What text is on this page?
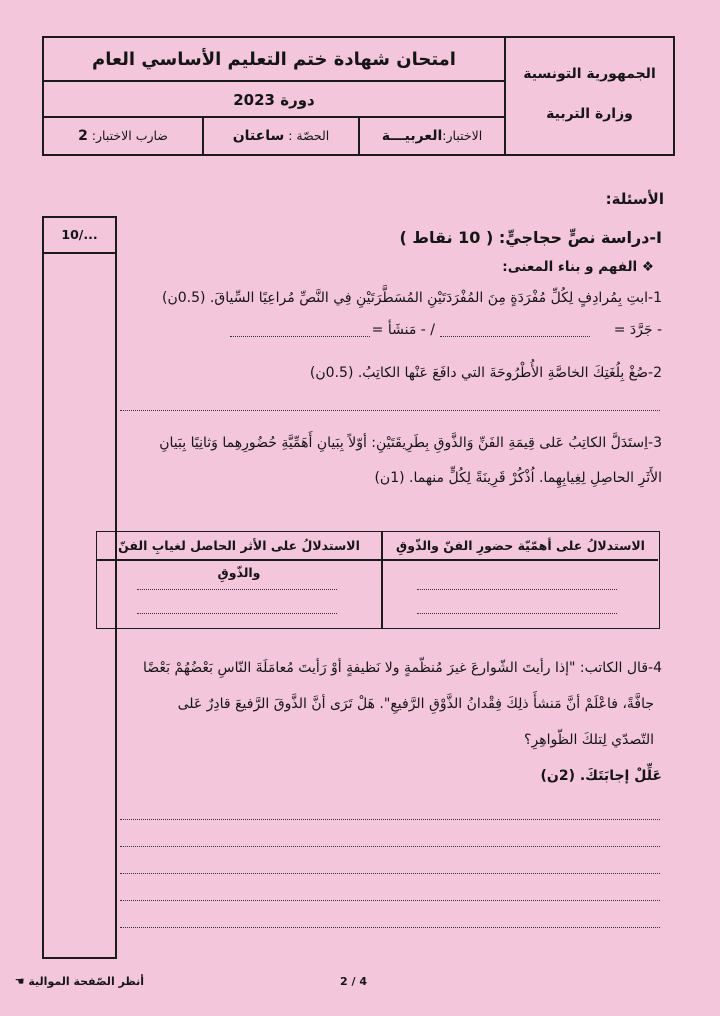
امتحان شهادة ختم التعليم الأساسي العام
دورة 2023
الاختبار:العربيـــة
الحصّة : ساعتان
ضارب الاختبار: 2
الجمهورية التونسية
وزارة التربية
10/...
الأسئلة:
I-دراسة نصٍّ حجاجيٍّ: ( 10 نقاط )
❖ الفهم و بناء المعنى:
1-ابتِ بِمُرادِفٍ لِكُلِّ مُفْرَدَةٍ مِنَ المُفْرَدَتَيْنِ المُسَطَّرَتَيْنِ فِي النَّصِّ مُراعِيًا السِّياقَ. (0.5ن)
- جَرَّدَ =
/ - مَنشَأ =
2-صُغْ بِلُغَتِكَ الخاصَّةِ الأُطْرُوحَةَ التي دافَعَ عَنْها الكاتِبُ. (0.5ن)
3-اِستَدَلَّ الكاتِبُ عَلى قِيمَةِ الفَنِّ وَالذَّوقِ بِطَرِيقَتَيْنِ: أوّلاً بِبَيانِ أَهَمِّيَّةِ حُضُورِهِما وَثانِيًا بِبَيانِ
الأَثَرِ الحاصِلِ لِغِيابِهِما. اُذْكُرْ قَرِينَةً لِكُلٍّ منهما. (1ن)
الاستدلالُ على أهمّيّة حضورِ الفنّ والذّوقِ
الاستدلالُ على الأثر الحاصل لغيابِ الفنّ والذّوقِ
4-قال الكاتب: "إذا رأيتَ الشّوارعَ غيرَ مُنظّمةٍ ولا نَظيفةٍ أوْ رَأيتَ مُعامَلَةَ النّاسِ بَعْضُهُمْ بَعْضًا
جافَّةً، فاعْلَمْ أنَّ مَنشأَ ذلِكَ فِقْدانُ الذَّوْقِ الرَّفيعِ". هَلْ تَرَى أنَّ الذَّوقَ الرَّفيعَ قادِرٌ عَلى
التّصدّي لِتلكَ الظّواهِرِ؟
عَلِّلْ إجابَتَكَ. (2ن)
أنظر الصّفحة الموالية ☚	2 / 4
